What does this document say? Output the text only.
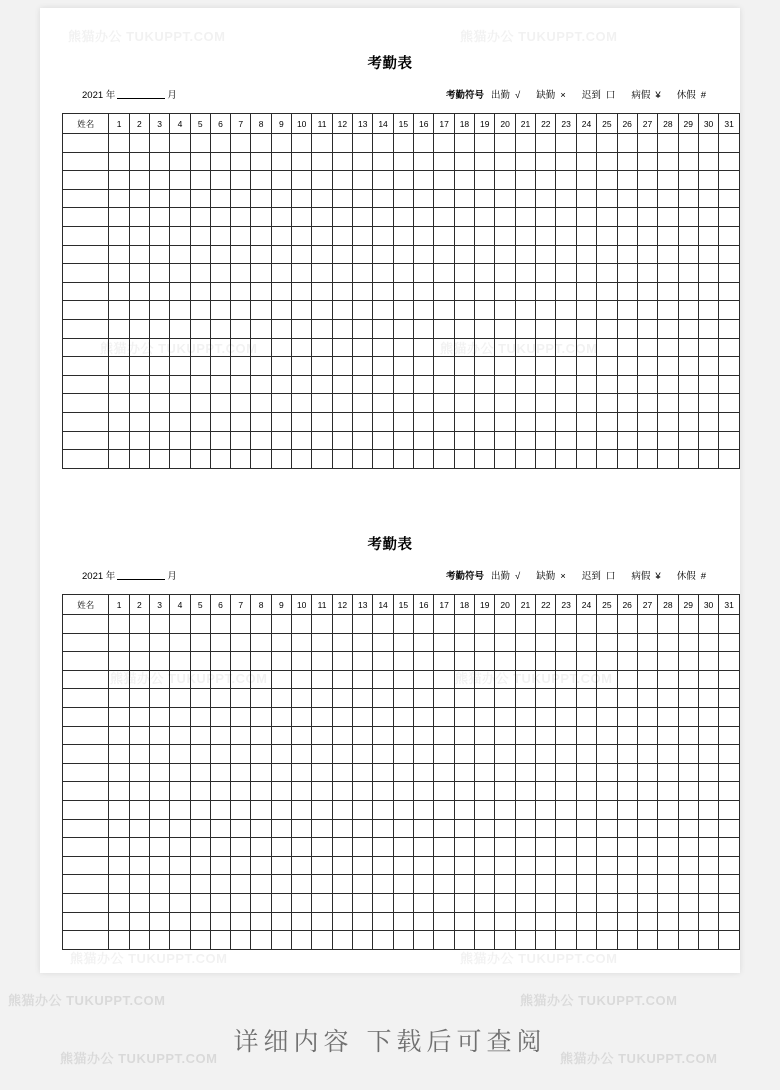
考勤表
2021 年	月	考勤符号 出勤 √ 缺勤 × 迟到 口 病假 ¥ 休假 #
姓名	1	2	3	4	5	6	7	8	9	10	11	12	13	14	15	16	17	18	19	20	21	22	23	24	25	26	27	28	29	30	31

考勤表
2021 年	月	考勤符号 出勤 √ 缺勤 × 迟到 口 病假 ¥ 休假 #
姓名	1	2	3	4	5	6	7	8	9	10	11	12	13	14	15	16	17	18	19	20	21	22	23	24	25	26	27	28	29	30	31

熊猫办公 TUKUPPT.COM	熊猫办公 TUKUPPT.COM
熊猫办公 TUKUPPT.COM	熊猫办公 TUKUPPT.COM
熊猫办公 TUKUPPT.COM	熊猫办公 TUKUPPT.COM
熊猫办公 TUKUPPT.COM	熊猫办公 TUKUPPT.COM
详细内容 下载后可查阅
